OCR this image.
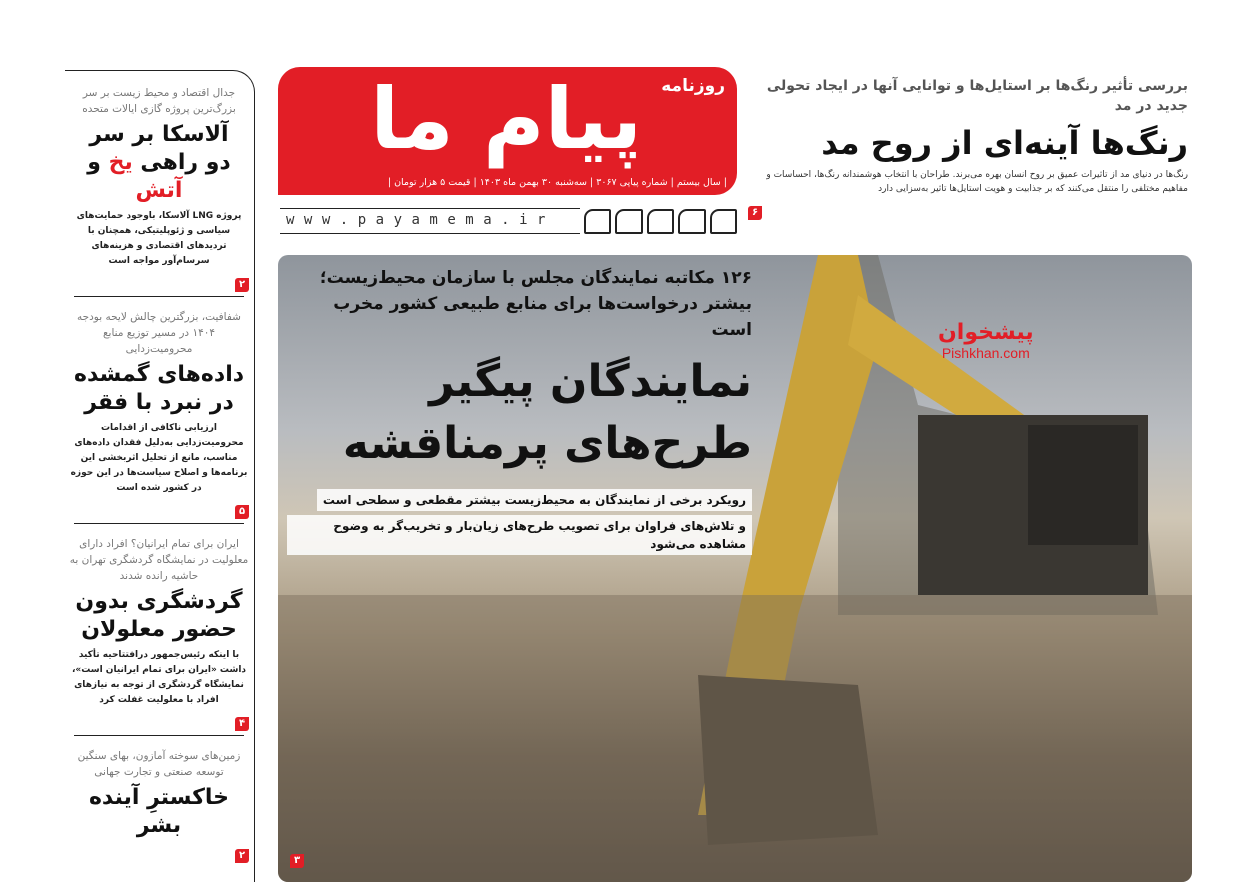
جدال اقتصاد و محیط زیست بر سر بزرگ‌ترین پروژه گازی ایالات متحده
آلاسکا بر سر
دو راهی یخ و آتش
پروژه LNG آلاسکا، باوجود حمایت‌های سیاسی و ژئوپلیتیکی، همچنان با تردیدهای اقتصادی و هزینه‌های سرسام‌آور مواجه است
۲
شفافیت، بزرگترین چالش لایحه بودجه ۱۴۰۴ در مسیر توزیع منابع محرومیت‌زدایی
داده‌های گمشده در نبرد با فقر
ارزیابی ناکافی از اقدامات محرومیت‌زدایی به‌دلیل فقدان داده‌های مناسب، مانع از تحلیل اثربخشی این برنامه‌ها و اصلاح سیاست‌ها در این حوزه در کشور شده است
۵
ایران برای تمام ایرانیان؟ افراد دارای معلولیت در نمایشگاه گردشگری تهران به حاشیه رانده شدند
گردشگری بدون حضور معلولان
با اینکه رئیس‌جمهور درافتتاحیه تأکید داشت «ایران برای تمام ایرانیان است»، نمایشگاه گردشگری از توجه به نیازهای افراد با معلولیت غفلت کرد
۴
زمین‌های سوخته آمازون، بهای سنگین توسعه صنعتی و تجارت جهانی
خاکسترِ آینده بشر
۲
پیام ما روزنامه
| سال بیستم | شماره پیاپی ۳۰۶۷ | سه‌شنبه ۳۰ بهمن ماه ۱۴۰۳ | قیمت ۵ هزار تومان |
www.payamema.ir
بررسی تأثیر رنگ‌ها بر استایل‌ها و توانایی آنها در ایجاد تحولی جدید در مد
رنگ‌ها آینه‌ای از روح مد
رنگ‌ها در دنیای مد از تاثیرات عمیق بر روح انسان بهره می‌برند. طراحان با انتخاب هوشمندانه رنگ‌ها، احساسات و مفاهیم مختلفی را منتقل می‌کنند که بر جذابیت و هویت استایل‌ها تاثیر به‌سزایی دارد
۶
۱۲۶ مکاتبه نمایندگان مجلس با سازمان محیط‌زیست؛
بیشتر درخواست‌ها برای منابع طبیعی کشور مخرب است
نمایندگان پیگیر
طرح‌های پرمناقشه
رویکرد برخی از نمایندگان به محیط‌زیست بیشتر مقطعی و سطحی است
و تلاش‌های فراوان برای تصویب طرح‌های زیان‌بار و تخریب‌گر به وضوح مشاهده می‌شود
پیشخوان
Pishkhan.com
۳
